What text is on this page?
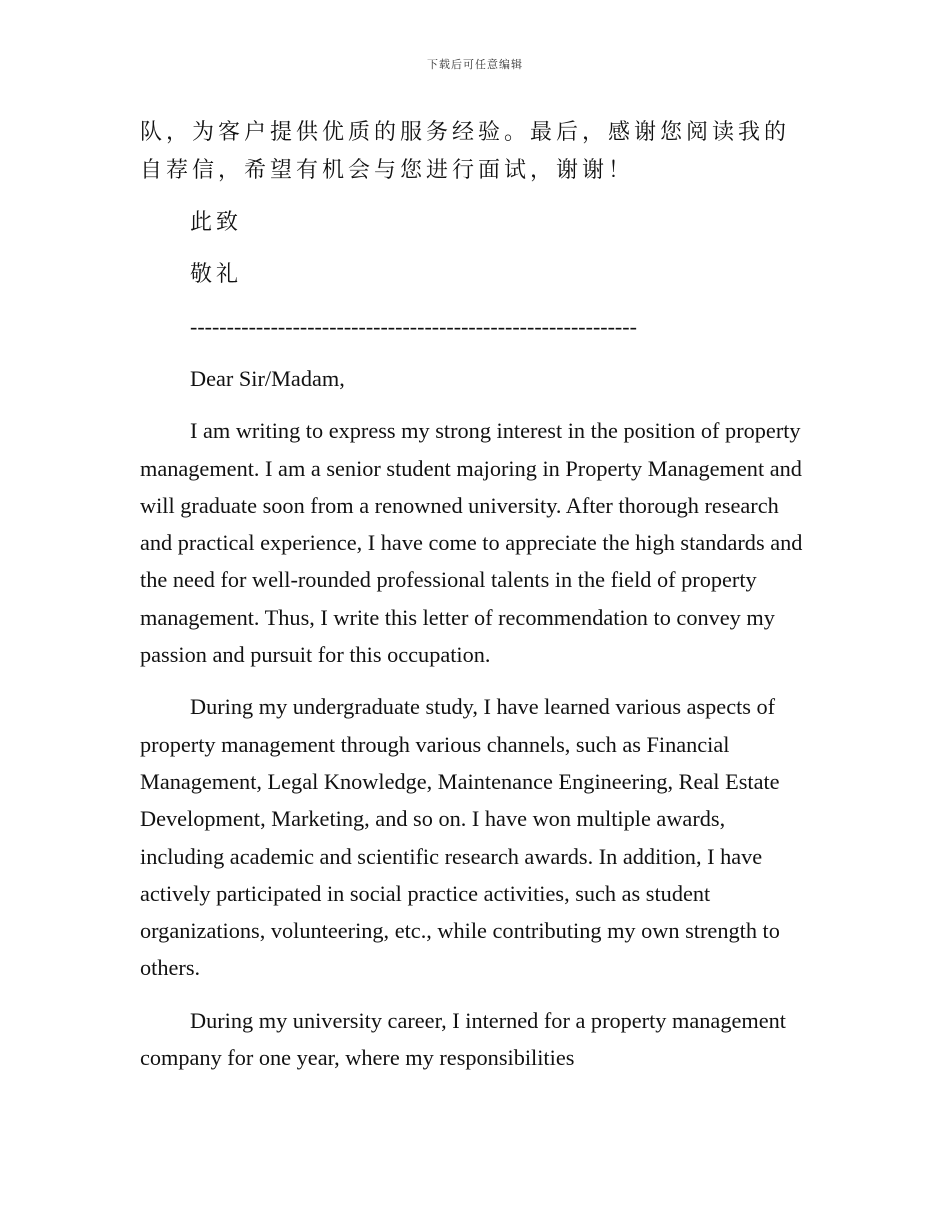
下载后可任意编辑

队，为客户提供优质的服务经验。最后，感谢您阅读我的自荐信，希望有机会与您进行面试，谢谢！

此致

敬礼

-------------------------------------------------------------

Dear Sir/Madam,

I am writing to express my strong interest in the position of property management. I am a senior student majoring in Property Management and will graduate soon from a renowned university. After thorough research and practical experience, I have come to appreciate the high standards and the need for well-rounded professional talents in the field of property management. Thus, I write this letter of recommendation to convey my passion and pursuit for this occupation.

During my undergraduate study, I have learned various aspects of property management through various channels, such as Financial Management, Legal Knowledge, Maintenance Engineering, Real Estate Development, Marketing, and so on. I have won multiple awards, including academic and scientific research awards. In addition, I have actively participated in social practice activities, such as student organizations, volunteering, etc., while contributing my own strength to others.

During my university career, I interned for a property management company for one year, where my responsibilities
